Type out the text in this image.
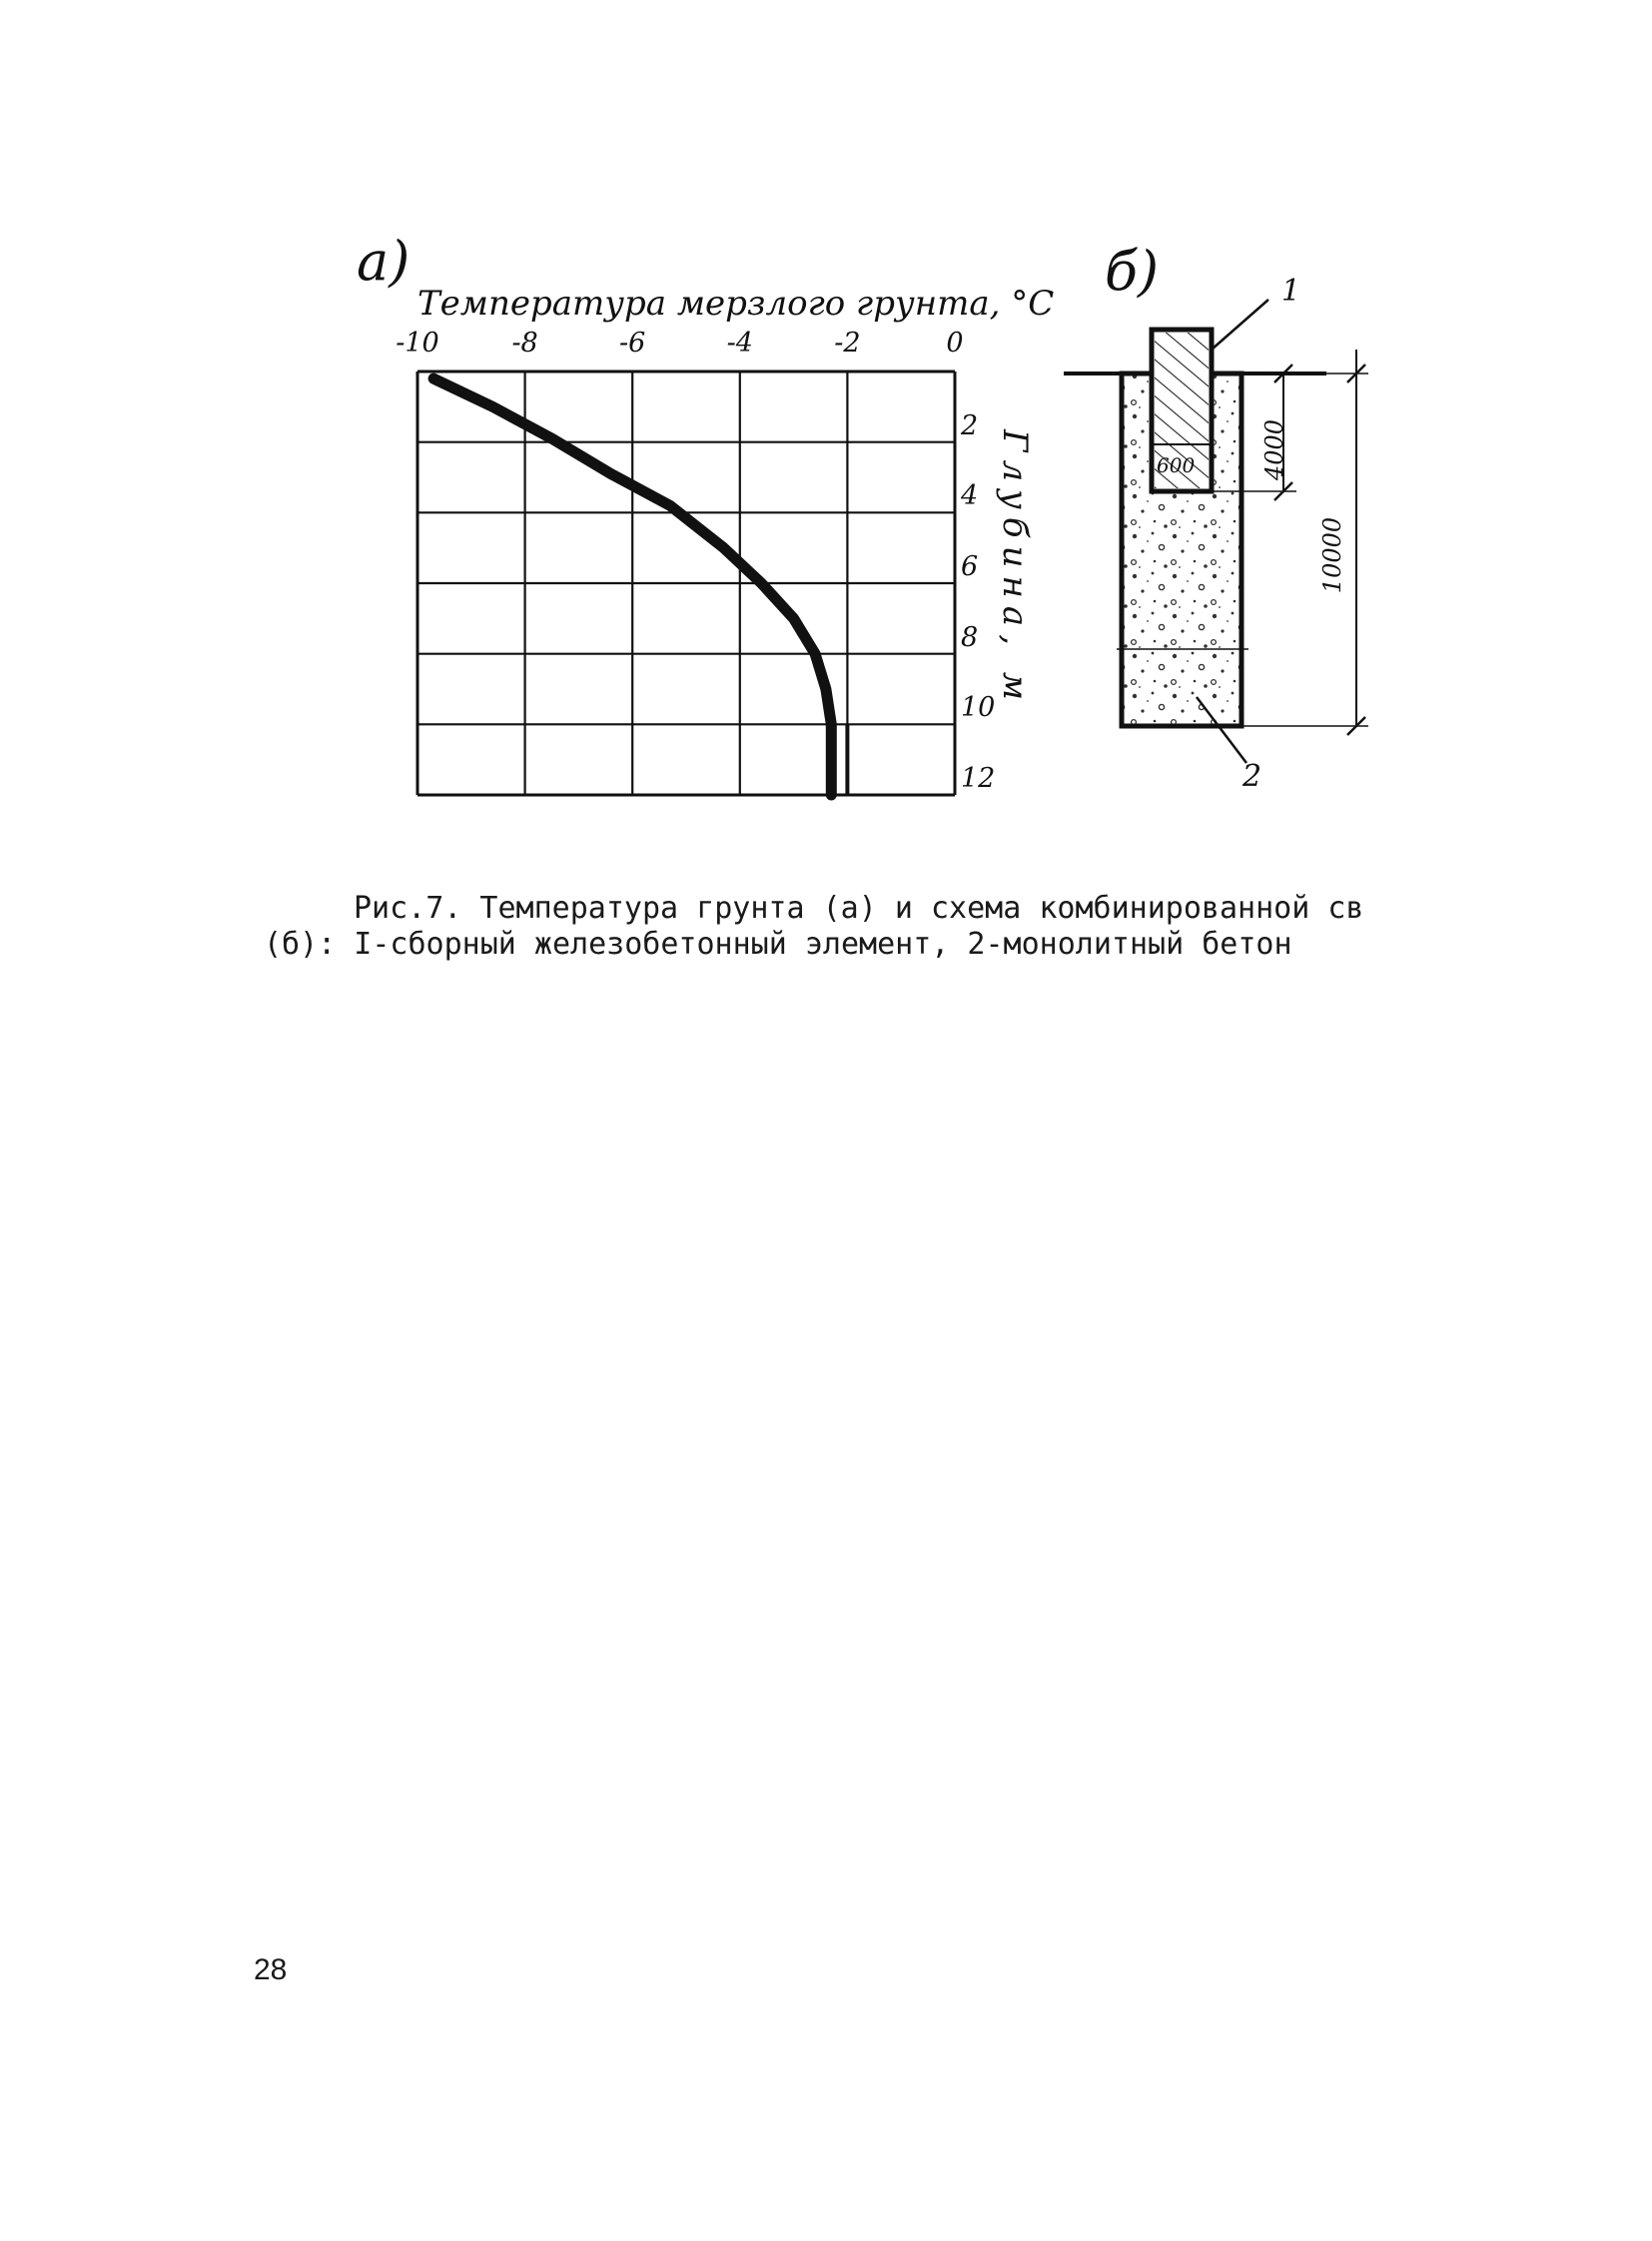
a)
Температура мерзлого грунта, °C
-10	-8	-6	-4	-2	0
2
4
6
8
10
12
Глубина, м
б)
600
1
2
4000
10000
Рис.7. Температура грунта (а) и схема комбинированной св
(б): I-сборный железобетонный элемент, 2-монолитный бетон
28
